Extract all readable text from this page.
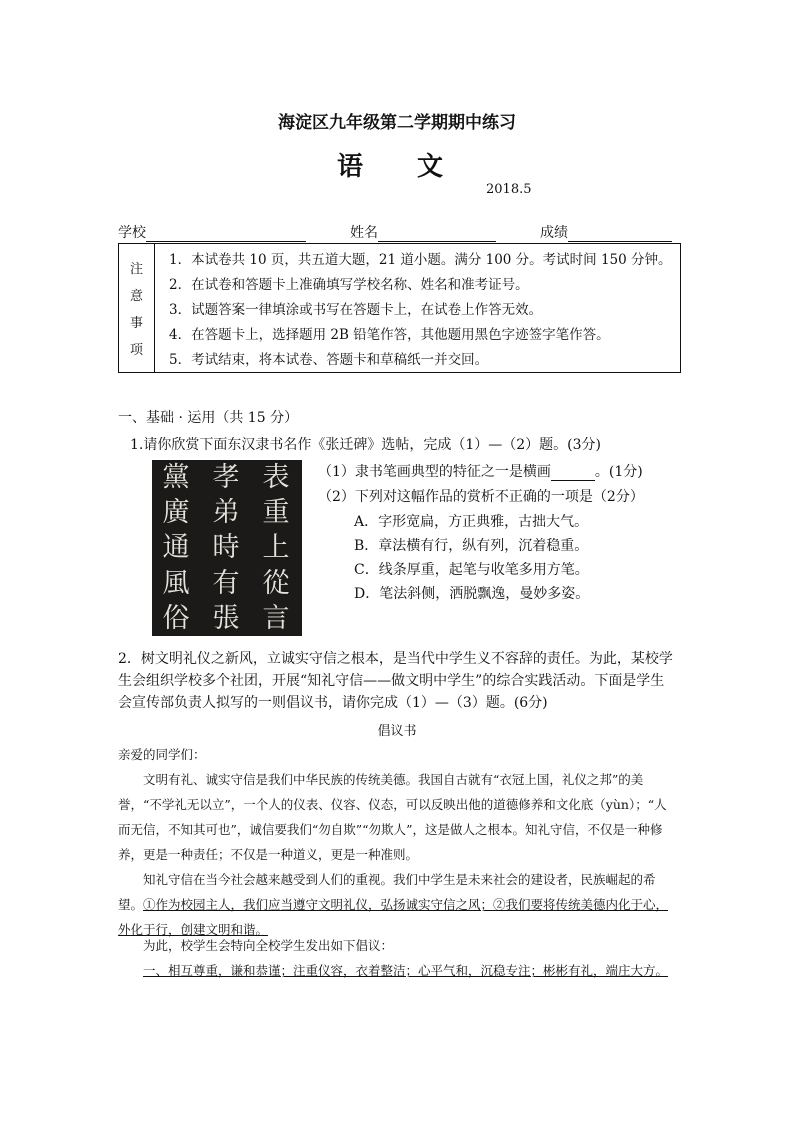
海淀区九年级第二学期期中练习
语　文
2018.5
学校	姓名	成绩
注
意
事
项
1．本试卷共 10 页，共五道大题，21 道小题。满分 100 分。考试时间 150 分钟。
2．在试卷和答题卡上准确填写学校名称、姓名和准考证号。
3．试题答案一律填涂或书写在答题卡上，在试卷上作答无效。
4．在答题卡上，选择题用 2B 铅笔作答，其他题用黑色字迹签字笔作答。
5．考试结束，将本试卷、答题卡和草稿纸一并交回。
一、基础 · 运用（共 15 分）
1.请你欣赏下面东汉隶书名作《张迁碑》选帖，完成（1）—（2）题。(3分)
黨
廣
通
風
俗
孝
弟
時
有
張
表
重
上
從
言
（1）隶书笔画典型的特征之一是横画	。(1分)
（2）下列对这幅作品的赏析不正确的一项是（2分）
A．字形宽扁，方正典雅，古拙大气。
B．章法横有行，纵有列，沉着稳重。
C．线条厚重，起笔与收笔多用方笔。
D．笔法斜侧，洒脱飘逸，曼妙多姿。
2．树文明礼仪之新风，立诚实守信之根本，是当代中学生义不容辞的责任。为此，某校学生会组织学校多个社团，开展“知礼守信——做文明中学生”的综合实践活动。下面是学生会宣传部负责人拟写的一则倡议书，请你完成（1）—（3）题。(6分)
倡议书
亲爱的同学们：
文明有礼、诚实守信是我们中华民族的传统美德。我国自古就有“衣冠上国，礼仪之邦”的美誉，“不学礼无以立”，一个人的仪表、仪容、仪态，可以反映出他的道德修养和文化底（yùn）；“人而无信，不知其可也”，诚信要我们“勿自欺”“勿欺人”，这是做人之根本。知礼守信，不仅是一种修养，更是一种责任；不仅是一种道义，更是一种准则。
知礼守信在当今社会越来越受到人们的重视。我们中学生是未来社会的建设者，民族崛起的希望。①作为校园主人，我们应当遵守文明礼仪，弘扬诚实守信之风；②我们要将传统美德内化于心，外化于行，创建文明和谐。
为此，校学生会特向全校学生发出如下倡议：
一、相互尊重，谦和恭谨；注重仪容，衣着整洁；心平气和，沉稳专注；彬彬有礼，端庄大方。
